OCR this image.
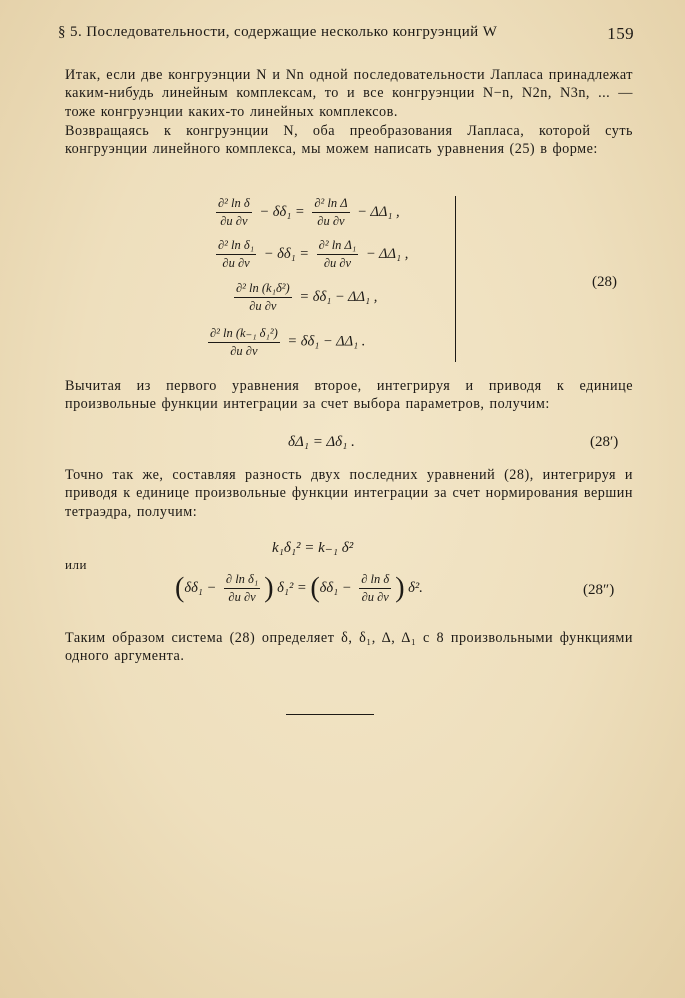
§ 5. Последовательности, содержащие несколько конгруэнций W	159
Итак, если две конгруэнции N и Nn одной последовательности Лапласа принадлежат каким-нибудь линейным комплексам, то и все конгруэнции N−n, N2n, N3n, ... — тоже конгруэнции каких-то линейных комплексов.
Возвращаясь к конгруэнции N, оба преобразования Лапласа, которой суть конгруэнции линейного комплекса, мы можем написать уравнения (25) в форме:
$\frac{\text{∂² ln δ}}{\partial u \partial v} - \delta\delta_1 = \frac{\text{∂² ln Δ}}{\partial u \partial v} - \Delta\Delta_1$ ,
$\frac{\text{∂² ln δ₁}}{\partial u \partial v} - \delta\delta_1 = \frac{\text{∂² ln Δ₁}}{\partial u \partial v} - \Delta\Delta_1$ ,
$\frac{\text{∂² ln (k₁δ²)}}{\partial u \partial v} = \delta\delta_1 - \Delta\Delta_1$ ,
$\frac{\text{∂² ln (k₋₁ δ₁²)}}{\partial u \partial v} = \delta\delta_1 - \Delta\Delta_1$ .
(28)
Вычитая из первого уравнения второе, интегрируя и приводя к единице произвольные функции интеграции за счет выбора параметров, получим:
δΔ₁ = Δδ₁ .	(28′)
Точно так же, составляя разность двух последних уравнений (28), интегрируя и приводя к единице произвольные функции интеграции за счет нормирования вершин тетраэдра, получим:
k₁δ₁² = k₋₁ δ²
или
($\delta\delta_1 - \frac{\text{∂ ln δ₁}}{\partial u \partial v}$ ) $\delta_1^2 = (\delta\delta_1 - \frac{\text{∂ ln δ}}{\partial u \partial v}$ ) δ².	(28″)
Таким образом система (28) определяет δ, δ₁, Δ, Δ₁ с 8 произвольными функциями одного аргумента.
